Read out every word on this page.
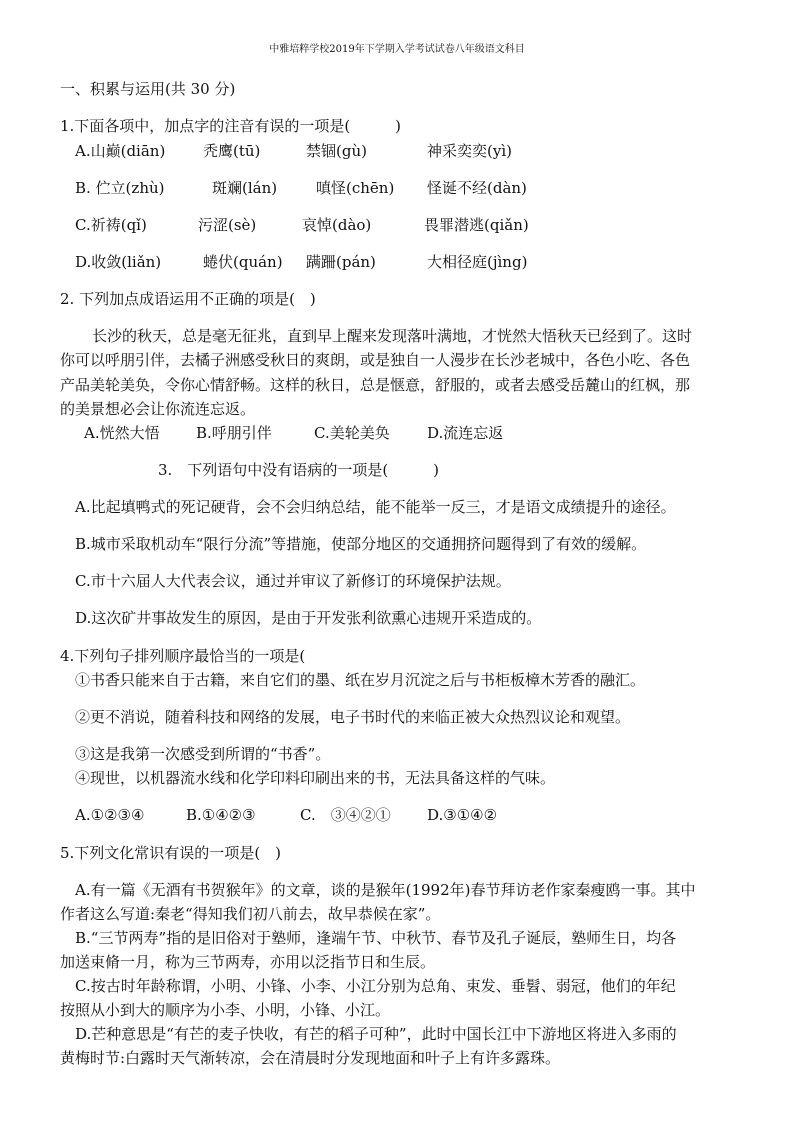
中雅培粹学校2019年下学期入学考试试卷八年级语文科目
一、积累与运用(共 30 分)
1.下面各项中，加点字的注音有误的一项是(　　　)
A.山巅(diān)	秃鹰(tū)	禁锢(gù)	神采奕奕(yì)
B. 伫立(zhù)	斑斓(lán)	嗔怪(chēn) 怪诞不经(dàn)
C.祈祷(qǐ)	污涩(sè)	哀悼(dào)	畏罪潜逃(qiǎn)
D.收敛(liǎn)	蜷伏(quán) 蹒跚(pán)	大相径庭(jìng)
2. 下列加点成语运用不正确的项是(　)
长沙的秋天，总是毫无征兆，直到早上醒来发现落叶满地，才恍然大悟秋天已经到了。这时
你可以呼朋引伴，去橘子洲感受秋日的爽朗，或是独自一人漫步在长沙老城中，各色小吃、各色
产品美轮美奂，令你心情舒畅。这样的秋日，总是惬意，舒服的，或者去感受岳麓山的红枫，那
的美景想必会让你流连忘返。
A.恍然大悟 B.呼朋引伴	C.美轮美奂 D.流连忘返
3.　下列语句中没有语病的一项是(　　　)
A.比起填鸭式的死记硬背，会不会归纳总结，能不能举一反三，才是语文成绩提升的途径。
B.城市采取机动车“限行分流”等措施，使部分地区的交通拥挤问题得到了有效的缓解。
C.市十六届人大代表会议，通过并审议了新修订的环境保护法规。
D.这次矿井事故发生的原因，是由于开发张利欲熏心违规开采造成的。
4.下列句子排列顺序最恰当的一项是(
①书香只能来自于古籍，来自它们的墨、纸在岁月沉淀之后与书柜板樟木芳香的融汇。
②更不消说，随着科技和网络的发展，电子书时代的来临正被大众热烈议论和观望。
③这是我第一次感受到所谓的“书香”。
④现世，以机器流水线和化学印料印刷出来的书，无法具备这样的气味。
A.①②③④	B.①④②③	C.　③④②① D.③①④②
5.下列文化常识有误的一项是(　)
A.有一篇《无酒有书贺猴年》的文章，谈的是猴年(1992年)春节拜访老作家秦瘦鸥一事。其中
作者这么写道:秦老“得知我们初八前去，故早恭候在家”。
B.“三节两寿”指的是旧俗对于塾师，逢端午节、中秋节、春节及孔子诞辰，塾师生日，均各
加送束脩一月，称为三节两寿，亦用以泛指节日和生辰。
C.按古时年龄称谓，小明、小锋、小李、小江分别为总角、束发、垂髫、弱冠，他们的年纪
按照从小到大的顺序为小李、小明，小锋、小江。
D.芒种意思是“有芒的麦子快收，有芒的稻子可种”，此时中国长江中下游地区将进入多雨的
黄梅时节:白露时天气渐转凉，会在清晨时分发现地面和叶子上有许多露珠。
